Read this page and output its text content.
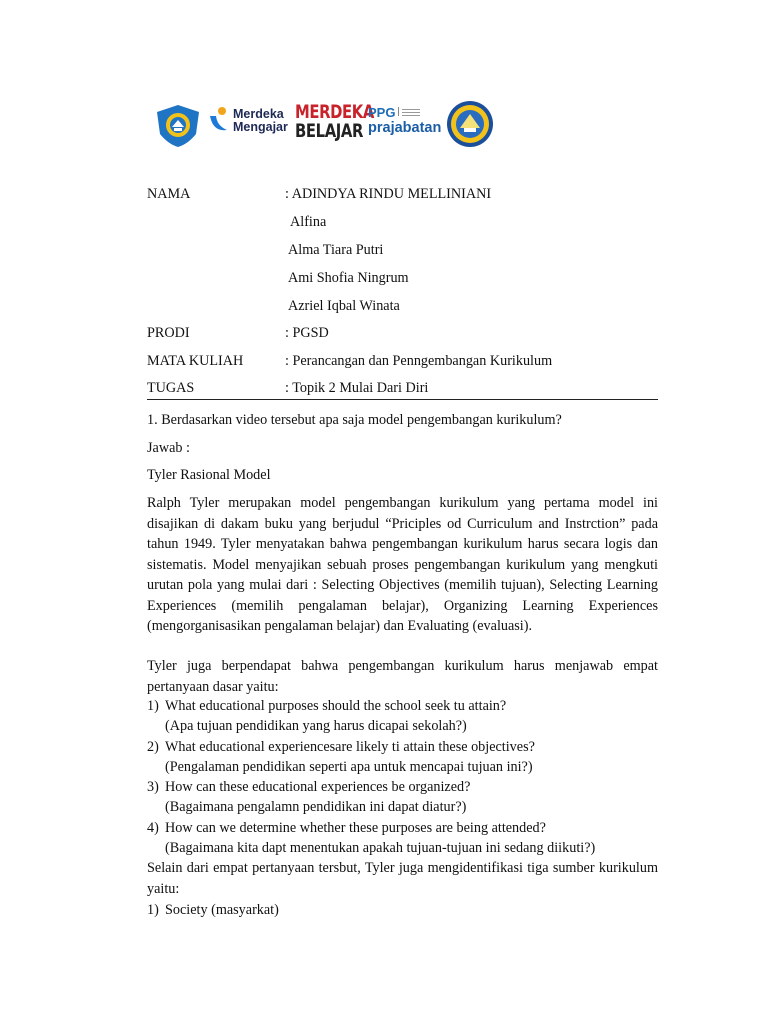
Merdeka
Mengajar
MERDEKA
BELAJAR
PPG
prajabatan
NAMA	: ADINDYA RINDU MELLINIANI
Alfina
Alma Tiara Putri
Ami Shofia Ningrum
Azriel Iqbal Winata
PRODI	: PGSD
MATA KULIAH	: Perancangan dan Penngembangan Kurikulum
TUGAS	: Topik 2 Mulai Dari Diri
1. Berdasarkan video tersebut apa saja model pengembangan kurikulum?
Jawab :
Tyler Rasional Model
Ralph Tyler merupakan model pengembangan kurikulum yang pertama model ini disajikan di dakam buku yang berjudul “Priciples od Curriculum and Instrction” pada tahun 1949. Tyler menyatakan bahwa pengembangan kurikulum harus secara logis dan sistematis. Model menyajikan sebuah proses pengembangan kurikulum yang mengkuti urutan pola yang mulai dari : Selecting Objectives (memilih tujuan), Selecting Learning Experiences (memilih pengalaman belajar), Organizing Learning Experiences (mengorganisasikan pengalaman belajar) dan Evaluating (evaluasi).
Tyler juga berpendapat bahwa pengembangan kurikulum harus menjawab empat pertanyaan dasar yaitu:
1) What educational purposes should the school seek tu attain?
(Apa tujuan pendidikan yang harus dicapai sekolah?)
2) What educational experiencesare likely ti attain these objectives?
(Pengalaman pendidikan seperti apa untuk mencapai tujuan ini?)
3) How can these educational experiences be organized?
(Bagaimana pengalamn pendidikan ini dapat diatur?)
4) How can we determine whether these purposes are being attended?
(Bagaimana kita dapt menentukan apakah tujuan-tujuan ini sedang diikuti?)
Selain dari empat pertanyaan tersbut, Tyler juga mengidentifikasi tiga sumber kurikulum yaitu:
1) Society (masyarkat)
